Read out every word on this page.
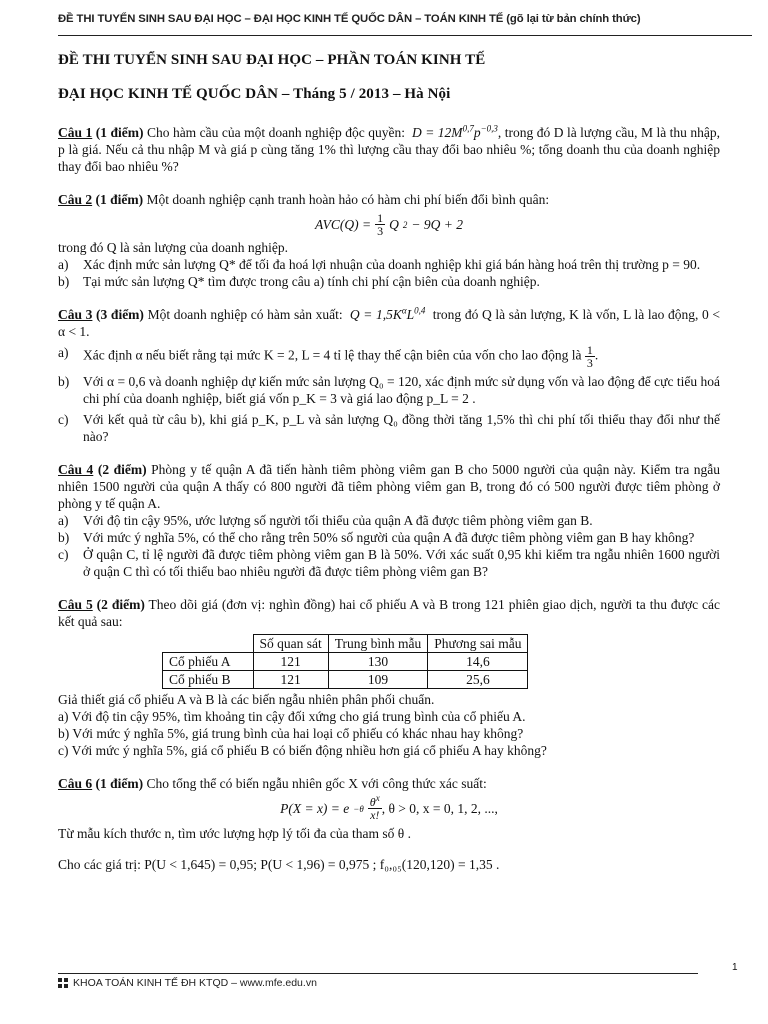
ĐỀ THI TUYỂN SINH SAU ĐẠI HỌC – ĐẠI HỌC KINH TẾ QUỐC DÂN – TOÁN KINH TẾ (gõ lại từ bản chính thức)
ĐỀ THI TUYỂN SINH SAU ĐẠI HỌC – PHẦN TOÁN KINH TẾ
ĐẠI HỌC KINH TẾ QUỐC DÂN – Tháng 5 / 2013 – Hà Nội
Câu 1 (1 điểm) Cho hàm cầu của một doanh nghiệp độc quyền:  $D = 12M^{0,7}p^{-0,3}$, trong đó D là lượng cầu, M là thu nhập, p là giá. Nếu cả thu nhập M và giá p cùng tăng 1% thì lượng cầu thay đổi bao nhiêu %; tổng doanh thu của doanh nghiệp thay đổi bao nhiêu %?
Câu 2 (1 điểm) Một doanh nghiệp cạnh tranh hoàn hảo có hàm chi phí biến đổi bình quân:
$AVC(Q) = \frac{1}{3}$ Q 2 − 9Q + 2
trong đó Q là sản lượng của doanh nghiệp.
a) Xác định mức sản lượng Q* để tối đa hoá lợi nhuận của doanh nghiệp khi giá bán hàng hoá trên thị trường p = 90.
b) Tại mức sản lượng Q* tìm được trong câu a) tính chi phí cận biên của doanh nghiệp.
Câu 3 (3 điểm) Một doanh nghiệp có hàm sản xuất:  $Q = 1,5K^\alpha L^{0,4}$ trong đó Q là sản lượng, K là vốn, L là lao động, 0 < α < 1.
a) Xác định α nếu biết rằng tại mức K = 2, L = 4 tỉ lệ thay thế cận biên của vốn cho lao động là $\frac{1}{3}$ .
b) Với α = 0,6 và doanh nghiệp dự kiến mức sản lượng Q₀ = 120, xác định mức sử dụng vốn và lao động để cực tiểu hoá chi phí của doanh nghiệp, biết giá vốn p_K = 3 và giá lao động p_L = 2 .
c) Với kết quả từ câu b), khi giá p_K, p_L và sản lượng Q₀ đồng thời tăng 1,5% thì chi phí tối thiểu thay đổi như thế nào?
Câu 4 (2 điểm) Phòng y tế quận A đã tiến hành tiêm phòng viêm gan B cho 5000 người của quận này. Kiểm tra ngẫu nhiên 1500 người của quận A thấy có 800 người đã tiêm phòng viêm gan B, trong đó có 500 người được tiêm phòng ở phòng y tế quận A.
a) Với độ tin cậy 95%, ước lượng số người tối thiểu của quận A đã được tiêm phòng viêm gan B.
b) Với mức ý nghĩa 5%, có thể cho rằng trên 50% số người của quận A đã được tiêm phòng viêm gan B hay không?
c) Ở quận C, tỉ lệ người đã được tiêm phòng viêm gan B là 50%. Với xác suất 0,95 khi kiểm tra ngẫu nhiên 1600 người ở quận C thì có tối thiểu bao nhiêu người đã được tiêm phòng viêm gan B?
Câu 5 (2 điểm) Theo dõi giá (đơn vị: nghìn đồng) hai cổ phiếu A và B trong 121 phiên giao dịch, người ta thu được các kết quả sau:
	Số quan sát	Trung bình mẫu	Phương sai mẫu
Cổ phiếu A	121	130	14,6
Cổ phiếu B	121	109	25,6
Giả thiết giá cổ phiếu A và B là các biến ngẫu nhiên phân phối chuẩn.
a) Với độ tin cậy 95%, tìm khoảng tin cậy đối xứng cho giá trung bình của cổ phiếu A.
b) Với mức ý nghĩa 5%, giá trung bình của hai loại cổ phiếu có khác nhau hay không?
c) Với mức ý nghĩa 5%, giá cổ phiếu B có biến động nhiều hơn giá cổ phiếu A hay không?
Câu 6 (1 điểm) Cho tổng thể có biến ngẫu nhiên gốc X với công thức xác suất:
$P(X = x) = e -\theta \frac{\theta^x}{x!}$ , θ > 0, x = 0, 1, 2, ...,
Từ mẫu kích thước n, tìm ước lượng hợp lý tối đa của tham số θ .
Cho các giá trị: P(U < 1,645) = 0,95; P(U < 1,96) = 0,975 ; f₀,₀₅(120,120) = 1,35 .
1
KHOA TOÁN KINH TẾ ĐH KTQD – www.mfe.edu.vn
